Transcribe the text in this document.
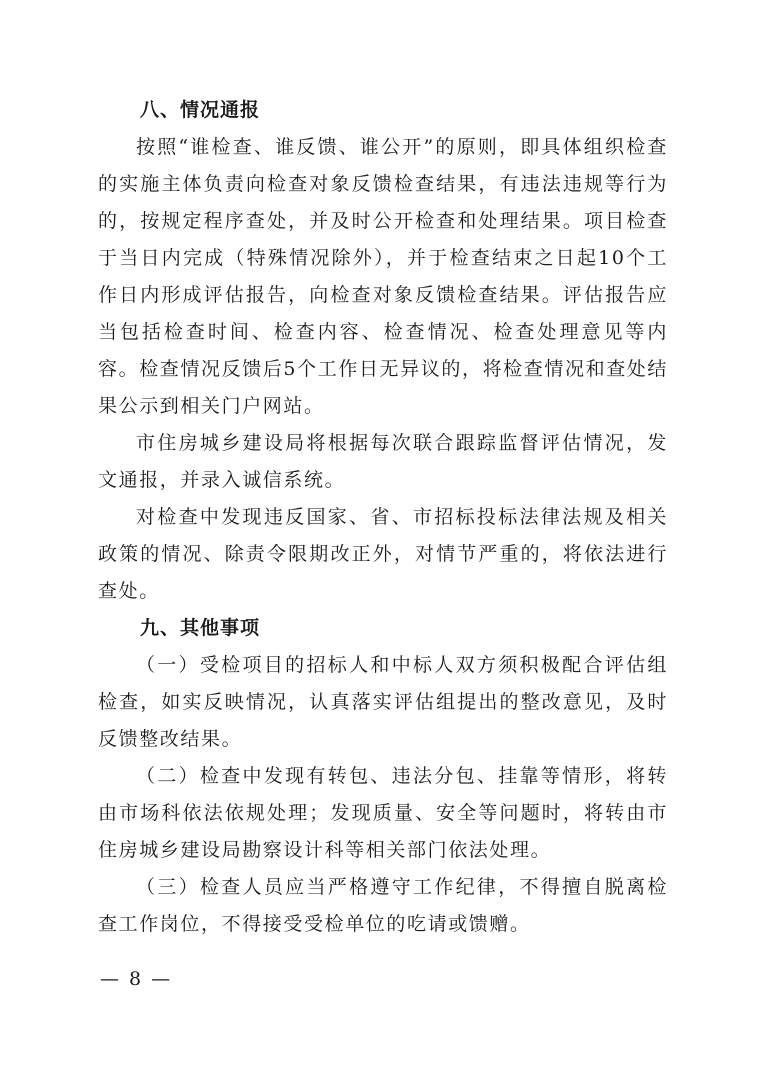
八、情况通报

按照“谁检查、谁反馈、谁公开”的原则，即具体组织检查的实施主体负责向检查对象反馈检查结果，有违法违规等行为的，按规定程序查处，并及时公开检查和处理结果。项目检查于当日内完成（特殊情况除外），并于检查结束之日起10个工作日内形成评估报告，向检查对象反馈检查结果。评估报告应当包括检查时间、检查内容、检查情况、检查处理意见等内容。检查情况反馈后5个工作日无异议的，将检查情况和查处结果公示到相关门户网站。

市住房城乡建设局将根据每次联合跟踪监督评估情况，发文通报，并录入诚信系统。

对检查中发现违反国家、省、市招标投标法律法规及相关政策的情况、除责令限期改正外，对情节严重的，将依法进行查处。

九、其他事项

（一）受检项目的招标人和中标人双方须积极配合评估组检查，如实反映情况，认真落实评估组提出的整改意见，及时反馈整改结果。

（二）检查中发现有转包、违法分包、挂靠等情形，将转由市场科依法依规处理；发现质量、安全等问题时，将转由市住房城乡建设局勘察设计科等相关部门依法处理。

（三）检查人员应当严格遵守工作纪律，不得擅自脱离检查工作岗位，不得接受受检单位的吃请或馈赠。

— 8 —
